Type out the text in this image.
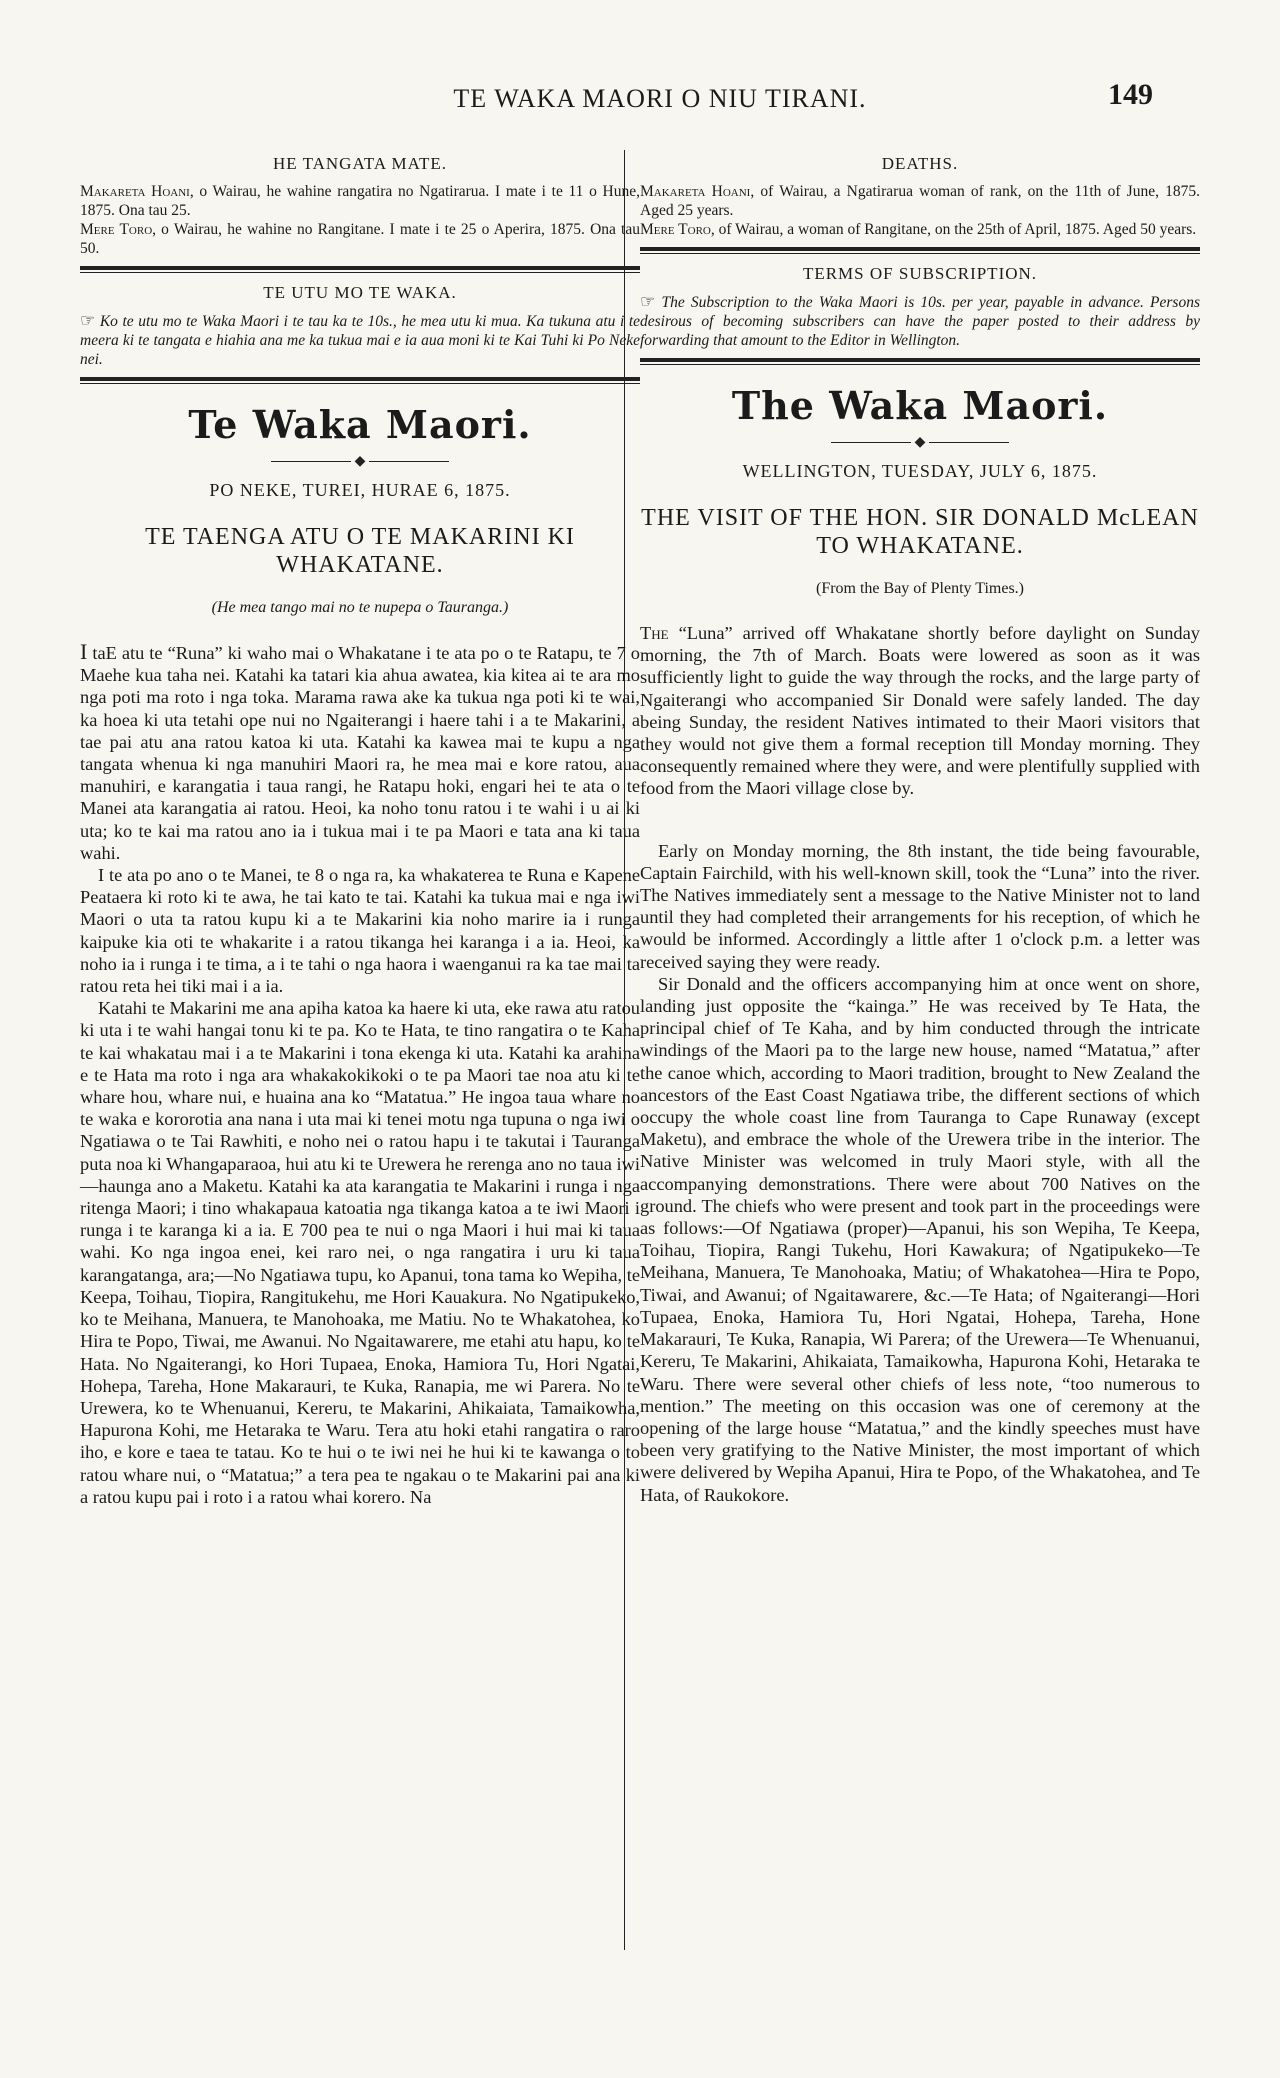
TE WAKA MAORI O NIU TIRANI.	149
HE TANGATA MATE.

Makareta Hoani, o Wairau, he wahine rangatira no Ngatirarua. I mate i te 11 o Hune, 1875. Ona tau 25.

Mere Toro, o Wairau, he wahine no Rangitane. I mate i te 25 o Aperira, 1875. Ona tau 50.

TE UTU MO TE WAKA.

☞ Ko te utu mo te Waka Maori i te tau ka te 10s., he mea utu ki mua. Ka tukuna atu i te meera ki te tangata e hiahia ana me ka tukua mai e ia aua moni ki te Kai Tuhi ki Po Neke nei.

Te Waka Maori.
◆
PO NEKE, TUREI, HURAE 6, 1875.
TE TAENGA ATU O TE MAKARINI KI WHAKATANE.
(He mea tango mai no te nupepa o Tauranga.)

I taE atu te “Runa” ki waho mai o Whakatane i te ata po o te Ratapu, te 7 o Maehe kua taha nei. Katahi ka tatari kia ahua awatea, kia kitea ai te ara mo nga poti ma roto i nga toka. Marama rawa ake ka tukua nga poti ki te wai, ka hoea ki uta tetahi ope nui no Ngaiterangi i haere tahi i a te Makarini, a tae pai atu ana ratou katoa ki uta. Katahi ka kawea mai te kupu a nga tangata whenua ki nga manuhiri Maori ra, he mea mai e kore ratou, aua manuhiri, e karangatia i taua rangi, he Ratapu hoki, engari hei te ata o te Manei ata karangatia ai ratou. Heoi, ka noho tonu ratou i te wahi i u ai ki uta; ko te kai ma ratou ano ia i tukua mai i te pa Maori e tata ana ki taua wahi.

I te ata po ano o te Manei, te 8 o nga ra, ka whakaterea te Runa e Kapene Peataera ki roto ki te awa, he tai kato te tai. Katahi ka tukua mai e nga iwi Maori o uta ta ratou kupu ki a te Makarini kia noho marire ia i runga kaipuke kia oti te whakarite i a ratou tikanga hei karanga i a ia. Heoi, ka noho ia i runga i te tima, a i te tahi o nga haora i waenganui ra ka tae mai ta ratou reta hei tiki mai i a ia.

Katahi te Makarini me ana apiha katoa ka haere ki uta, eke rawa atu ratou ki uta i te wahi hangai tonu ki te pa. Ko te Hata, te tino rangatira o te Kaha te kai whakatau mai i a te Makarini i tona ekenga ki uta. Katahi ka arahina e te Hata ma roto i nga ara whakakokikoki o te pa Maori tae noa atu ki te whare hou, whare nui, e huaina ana ko “Matatua.” He ingoa taua whare no te waka e kororotia ana nana i uta mai ki tenei motu nga tupuna o nga iwi o Ngatiawa o te Tai Rawhiti, e noho nei o ratou hapu i te takutai i Tauranga puta noa ki Whangaparaoa, hui atu ki te Urewera he rerenga ano no taua iwi—haunga ano a Maketu. Katahi ka ata karangatia te Makarini i runga i nga ritenga Maori; i tino whakapaua katoatia nga tikanga katoa a te iwi Maori i runga i te karanga ki a ia. E 700 pea te nui o nga Maori i hui mai ki taua wahi. Ko nga ingoa enei, kei raro nei, o nga rangatira i uru ki taua karangatanga, ara;—No Ngatiawa tupu, ko Apanui, tona tama ko Wepiha, te Keepa, Toihau, Tiopira, Rangitukehu, me Hori Kauakura. No Ngatipukeko, ko te Meihana, Manuera, te Manohoaka, me Matiu. No te Whakatohea, ko Hira te Popo, Tiwai, me Awanui. No Ngaitawarere, me etahi atu hapu, ko te Hata. No Ngaiterangi, ko Hori Tupaea, Enoka, Hamiora Tu, Hori Ngatai, Hohepa, Tareha, Hone Makarauri, te Kuka, Ranapia, me wi Parera. No te Urewera, ko te Whenuanui, Kereru, te Makarini, Ahikaiata, Tamaikowha, Hapurona Kohi, me Hetaraka te Waru. Tera atu hoki etahi rangatira o raro iho, e kore e taea te tatau. Ko te hui o te iwi nei he hui ki te kawanga o to ratou whare nui, o “Matatua;” a tera pea te ngakau o te Makarini pai ana ki a ratou kupu pai i roto i a ratou whai korero. Na

DEATHS.

Makareta Hoani, of Wairau, a Ngatirarua woman of rank, on the 11th of June, 1875. Aged 25 years.

Mere Toro, of Wairau, a woman of Rangitane, on the 25th of April, 1875. Aged 50 years.

TERMS OF SUBSCRIPTION.

☞ The Subscription to the Waka Maori is 10s. per year, payable in advance. Persons desirous of becoming subscribers can have the paper posted to their address by forwarding that amount to the Editor in Wellington.

The Waka Maori.
◆
WELLINGTON, TUESDAY, JULY 6, 1875.
THE VISIT OF THE HON. SIR DONALD McLEAN TO WHAKATANE.
(From the Bay of Plenty Times.)

The “Luna” arrived off Whakatane shortly before daylight on Sunday morning, the 7th of March. Boats were lowered as soon as it was sufficiently light to guide the way through the rocks, and the large party of Ngaiterangi who accompanied Sir Donald were safely landed. The day being Sunday, the resident Natives intimated to their Maori visitors that they would not give them a formal reception till Monday morning. They consequently remained where they were, and were plentifully supplied with food from the Maori village close by.

Early on Monday morning, the 8th instant, the tide being favourable, Captain Fairchild, with his well-known skill, took the “Luna” into the river. The Natives immediately sent a message to the Native Minister not to land until they had completed their arrangements for his reception, of which he would be informed. Accordingly a little after 1 o'clock p.m. a letter was received saying they were ready.

Sir Donald and the officers accompanying him at once went on shore, landing just opposite the “kainga.” He was received by Te Hata, the principal chief of Te Kaha, and by him conducted through the intricate windings of the Maori pa to the large new house, named “Matatua,” after the canoe which, according to Maori tradition, brought to New Zealand the ancestors of the East Coast Ngatiawa tribe, the different sections of which occupy the whole coast line from Tauranga to Cape Runaway (except Maketu), and embrace the whole of the Urewera tribe in the interior. The Native Minister was welcomed in truly Maori style, with all the accompanying demonstrations. There were about 700 Natives on the ground. The chiefs who were present and took part in the proceedings were as follows:—Of Ngatiawa (proper)—Apanui, his son Wepiha, Te Keepa, Toihau, Tiopira, Rangi Tukehu, Hori Kawakura; of Ngatipukeko—Te Meihana, Manuera, Te Manohoaka, Matiu; of Whakatohea—Hira te Popo, Tiwai, and Awanui; of Ngaitawarere, &c.—Te Hata; of Ngaiterangi—Hori Tupaea, Enoka, Hamiora Tu, Hori Ngatai, Hohepa, Tareha, Hone Makarauri, Te Kuka, Ranapia, Wi Parera; of the Urewera—Te Whenuanui, Kereru, Te Makarini, Ahikaiata, Tamaikowha, Hapurona Kohi, Hetaraka te Waru. There were several other chiefs of less note, “too numerous to mention.” The meeting on this occasion was one of ceremony at the opening of the large house “Matatua,” and the kindly speeches must have been very gratifying to the Native Minister, the most important of which were delivered by Wepiha Apanui, Hira te Popo, of the Whakatohea, and Te Hata, of Raukokore.
